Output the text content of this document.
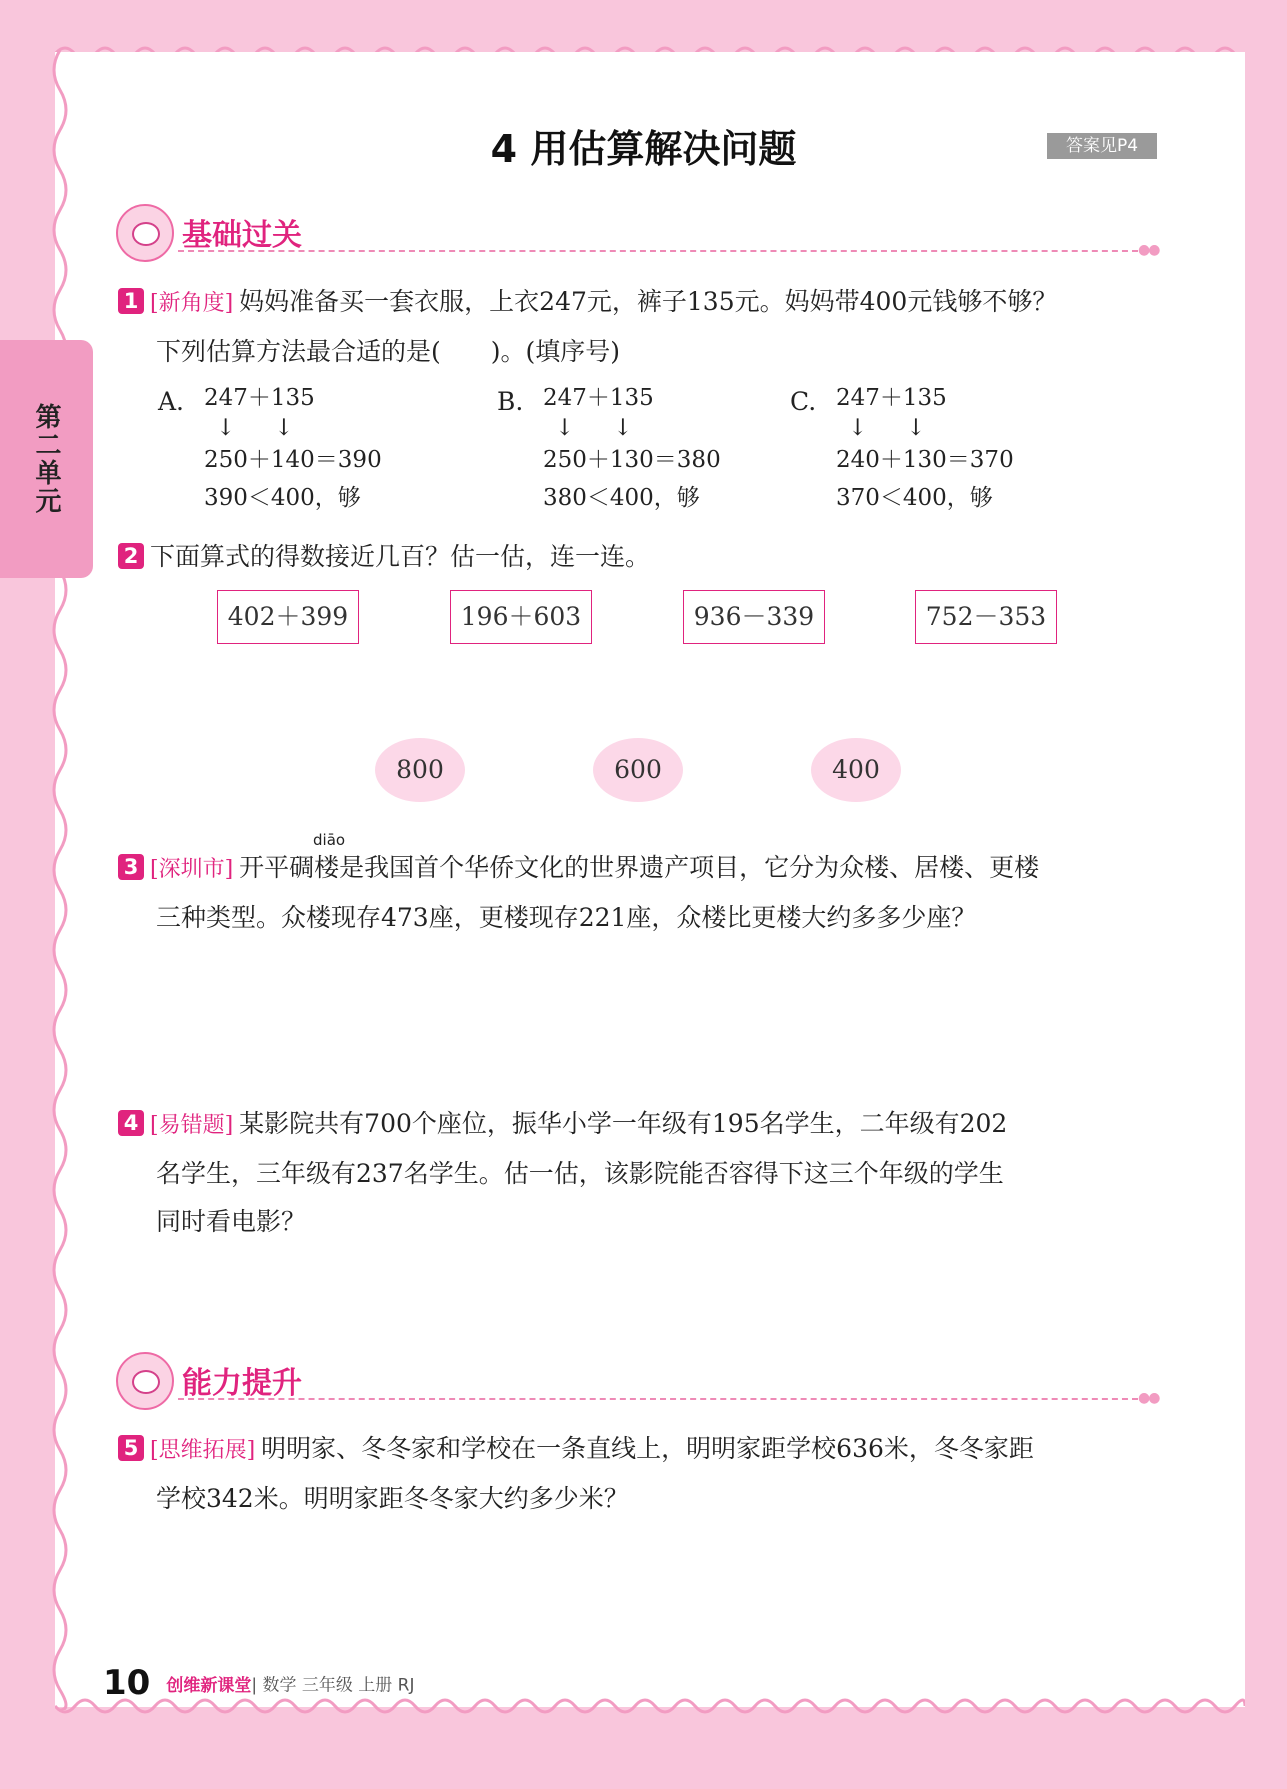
第二单元
4 用估算解决问题	答案见P4
基础过关	●●
1 [新角度] 妈妈准备买一套衣服，上衣247元，裤子135元。妈妈带400元钱够不够？
下列估算方法最合适的是(　　)。(填序号)
A. 247＋135
↓　↓
250＋140＝390
390＜400，够
B. 247＋135
↓　↓
250＋130＝380
380＜400，够
C. 247＋135
↓　↓
240＋130＝370
370＜400，够
2 下面算式的得数接近几百？估一估，连一连。
402＋399	196＋603	936－339	752－353
800	600	400
diāo
3 [深圳市] 开平碉楼是我国首个华侨文化的世界遗产项目，它分为众楼、居楼、更楼
三种类型。众楼现存473座，更楼现存221座，众楼比更楼大约多多少座？
4 [易错题] 某影院共有700个座位，振华小学一年级有195名学生，二年级有202
名学生，三年级有237名学生。估一估，该影院能否容得下这三个年级的学生
同时看电影？
能力提升	●●
5 [思维拓展] 明明家、冬冬家和学校在一条直线上，明明家距学校636米，冬冬家距
学校342米。明明家距冬冬家大约多少米？
10 创维新课堂| 数学 三年级 上册 RJ
